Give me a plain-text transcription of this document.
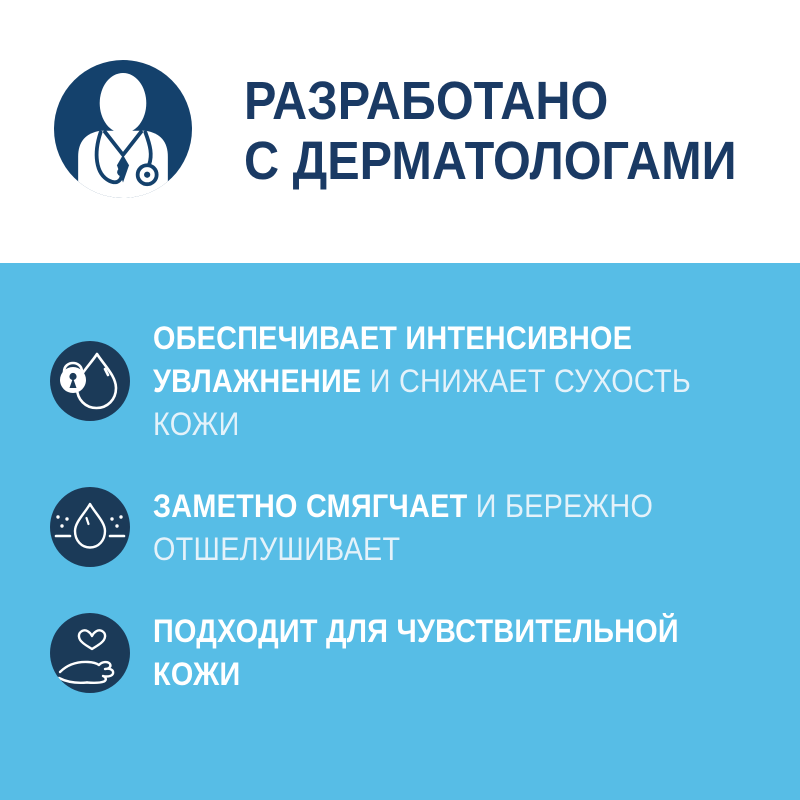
РАЗРАБОТАНО
С ДЕРМАТОЛОГАМИ
ОБЕСПЕЧИВАЕТ ИНТЕНСИВНОЕ
УВЛАЖНЕНИЕ И СНИЖАЕТ СУХОСТЬ
КОЖИ
ЗАМЕТНО СМЯГЧАЕТ И БЕРЕЖНО
ОТШЕЛУШИВАЕТ
ПОДХОДИТ ДЛЯ ЧУВСТВИТЕЛЬНОЙ
КОЖИ
